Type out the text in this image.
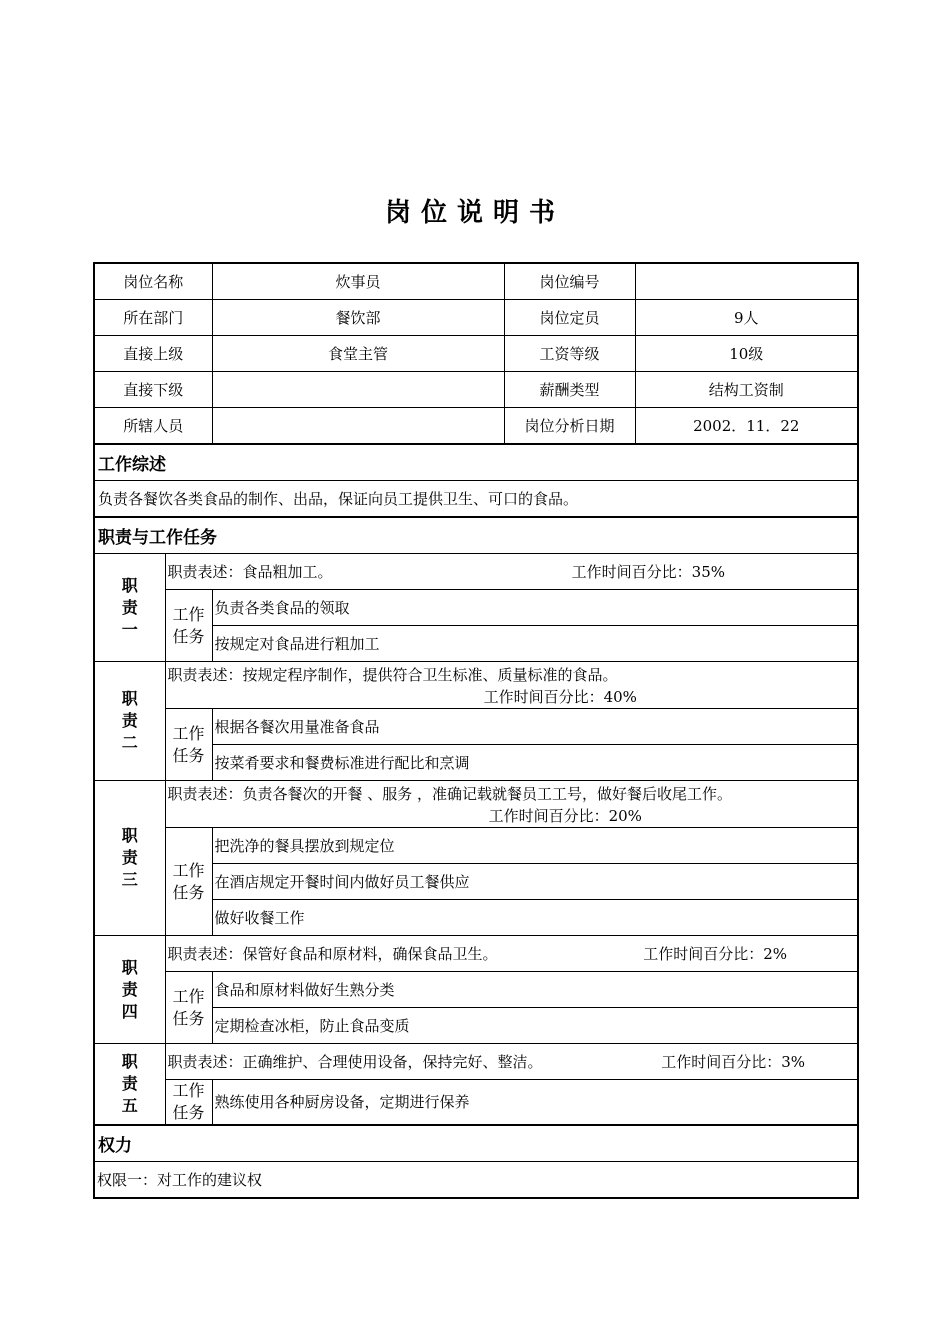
岗位说明书
岗位名称		炊事员	岗位编号	
所在部门		餐饮部	岗位定员	9人
直接上级		食堂主管	工资等级	10级
直接下级			薪酬类型	结构工资制
所辖人员			岗位分析日期	2002．11．22
工作综述				
负责各餐饮各类食品的制作、出品，保证向员工提供卫生、可口的食品。				
职责与工作任务				
职
责
一	职责表述：食品粗加工。 工作时间百分比：35%			

	工作
任务	负责各类食品的领取		
		按规定对食品进行粗加工		
职
责
二	职责表述：按规定程序制作，提供符合卫生标准、质量标准的食品。
工作时间百分比：40%			

	工作
任务	根据各餐次用量准备食品		
		按菜肴要求和餐费标准进行配比和烹调		
职
责
三	职责表述：负责各餐次的开餐 、服务 ，准确记载就餐员工工号，做好餐后收尾工作。
工作时间百分比：20%			

	工作
任务	把洗净的餐具摆放到规定位		
		在酒店规定开餐时间内做好员工餐供应		
		做好收餐工作		
职
责
四	职责表述：保管好食品和原材料，确保食品卫生。 工作时间百分比：2%			

	工作
任务	食品和原材料做好生熟分类		
		定期检查冰柜，防止食品变质		
职
责
五	职责表述：正确维护、合理使用设备，保持完好、整洁。 工作时间百分比：3%			

	工作
任务	熟练使用各种厨房设备，定期进行保养		
权力				
权限一：对工作的建议权				
